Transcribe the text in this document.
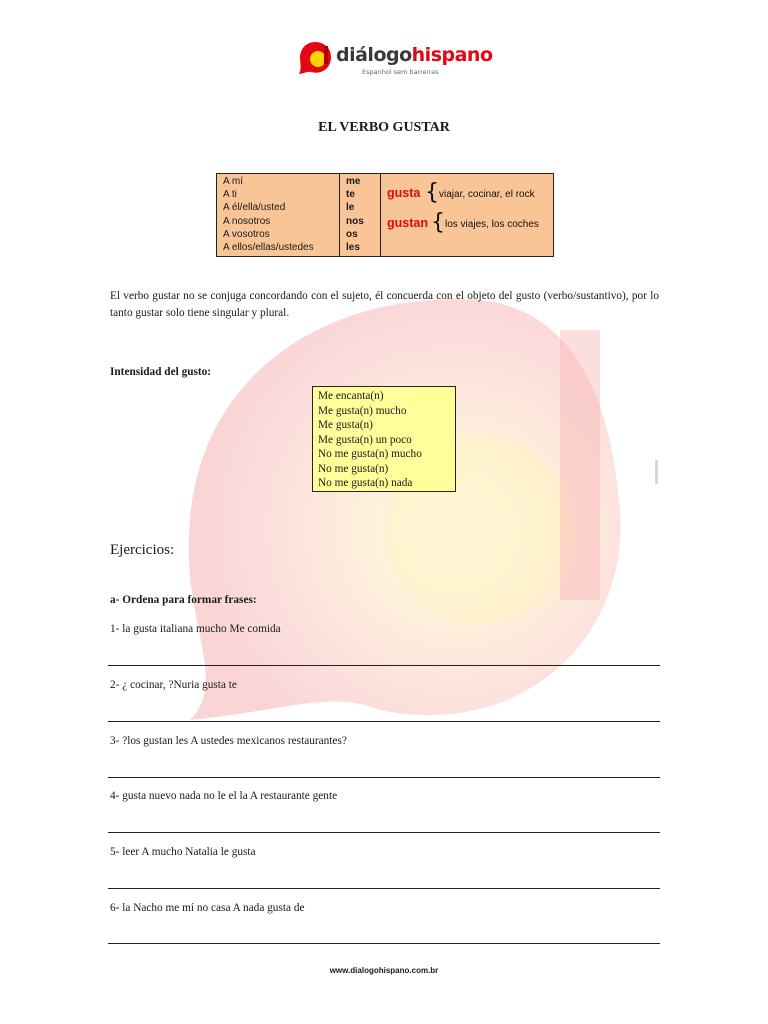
diálogohispano
Espanhol sem barreiras
EL VERBO GUSTAR
A mí
A ti
A él/ella/usted
A nosotros
A vosotros
A ellos/ellas/ustedes
me
te
le
nos
os
les
gusta { viajar, cocinar, el rock
gustan { los viajes, los coches
El verbo gustar no se conjuga concordando con el sujeto, él concuerda con el objeto del gusto (verbo/sustantivo), por lo tanto gustar solo tiene singular y plural.
Intensidad del gusto:
Me encanta(n)
Me gusta(n) mucho
Me gusta(n)
Me gusta(n) un poco
No me gusta(n) mucho
No me gusta(n)
No me gusta(n) nada
Ejercicios:
a- Ordena para formar frases:
1- la gusta italiana mucho Me comida
2- ¿ cocinar, ?Nuria gusta te
3- ?los gustan les A ustedes mexicanos restaurantes?
4- gusta nuevo nada no le el la A restaurante gente
5- leer A mucho Natalia le gusta
6- la Nacho me mí no casa A nada gusta de
www.dialogohispano.com.br
